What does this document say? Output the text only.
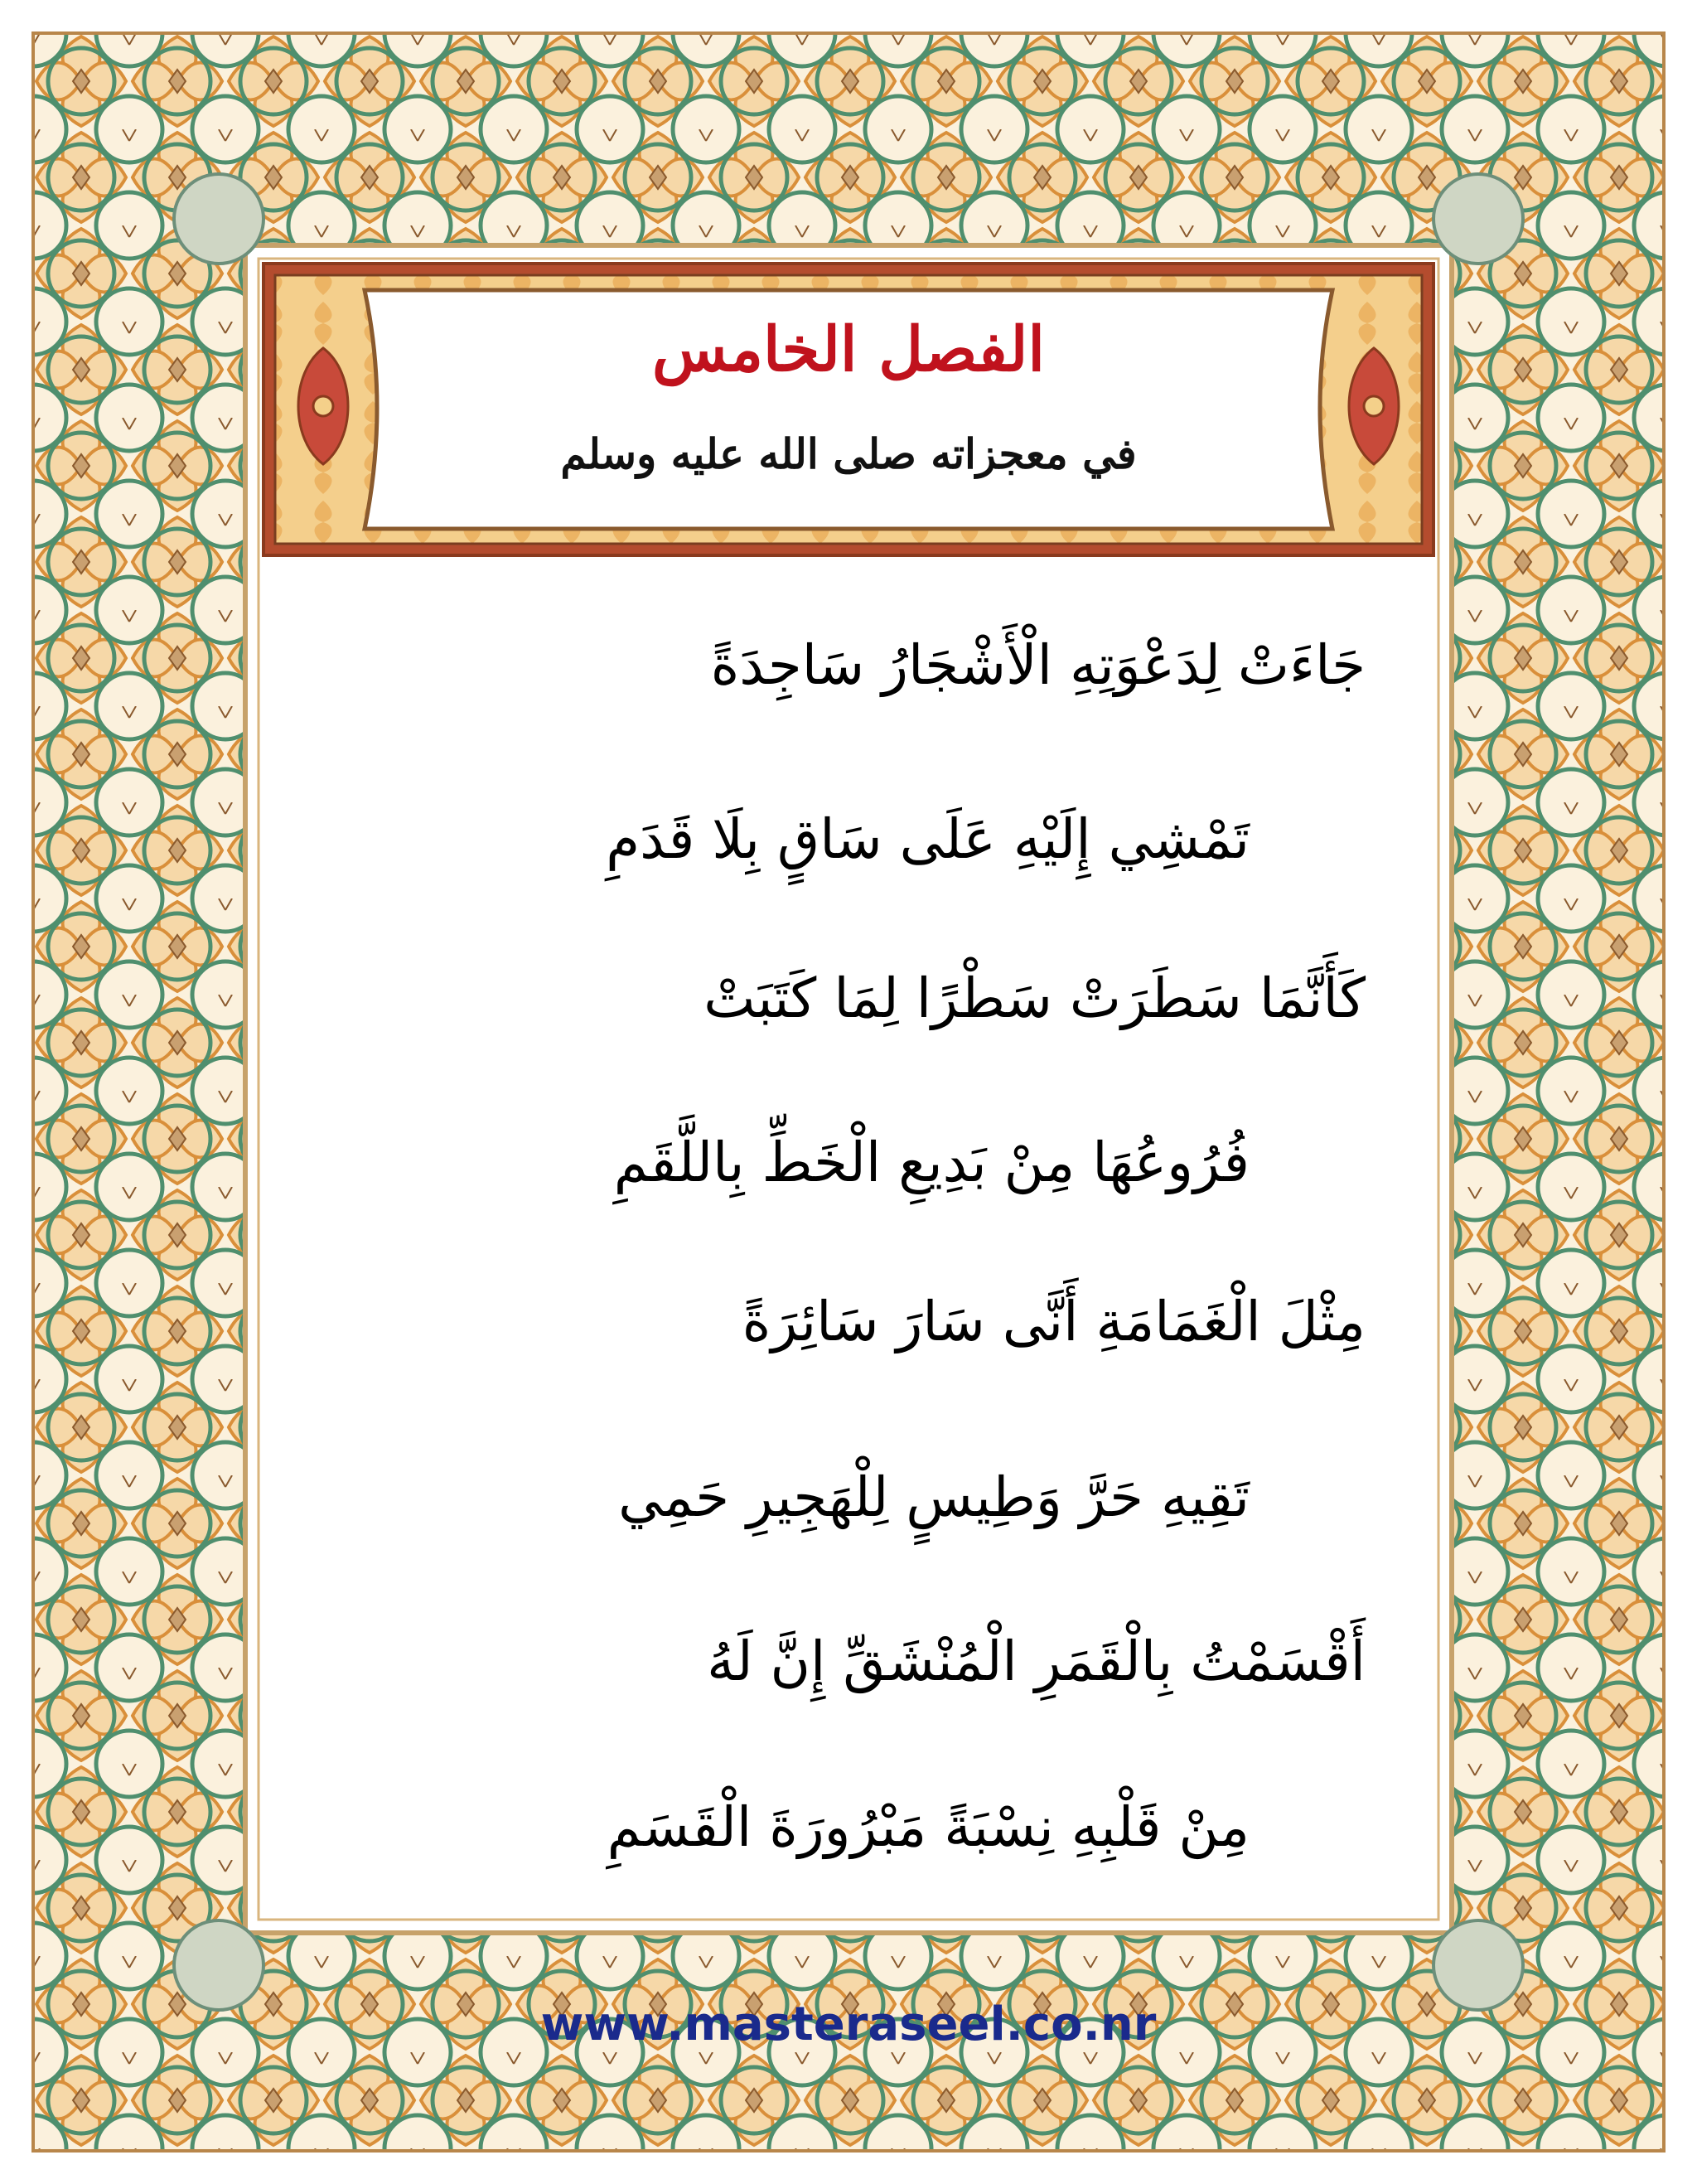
الفصل الخامس
في معجزاته صلى الله عليه وسلم
جَاءَتْ لِدَعْوَتِهِ الْأَشْجَارُ سَاجِدَةً
تَمْشِي إِلَيْهِ عَلَى سَاقٍ بِلَا قَدَمِ
كَأَنَّمَا سَطَرَتْ سَطْرًا لِمَا كَتَبَتْ
فُرُوعُهَا مِنْ بَدِيعِ الْخَطِّ بِاللَّقَمِ
مِثْلَ الْغَمَامَةِ أَنَّى سَارَ سَائِرَةً
تَقِيهِ حَرَّ وَطِيسٍ لِلْهَجِيرِ حَمِي
أَقْسَمْتُ بِالْقَمَرِ الْمُنْشَقِّ إِنَّ لَهُ
مِنْ قَلْبِهِ نِسْبَةً مَبْرُورَةَ الْقَسَمِ
www.masteraseel.co.nr
